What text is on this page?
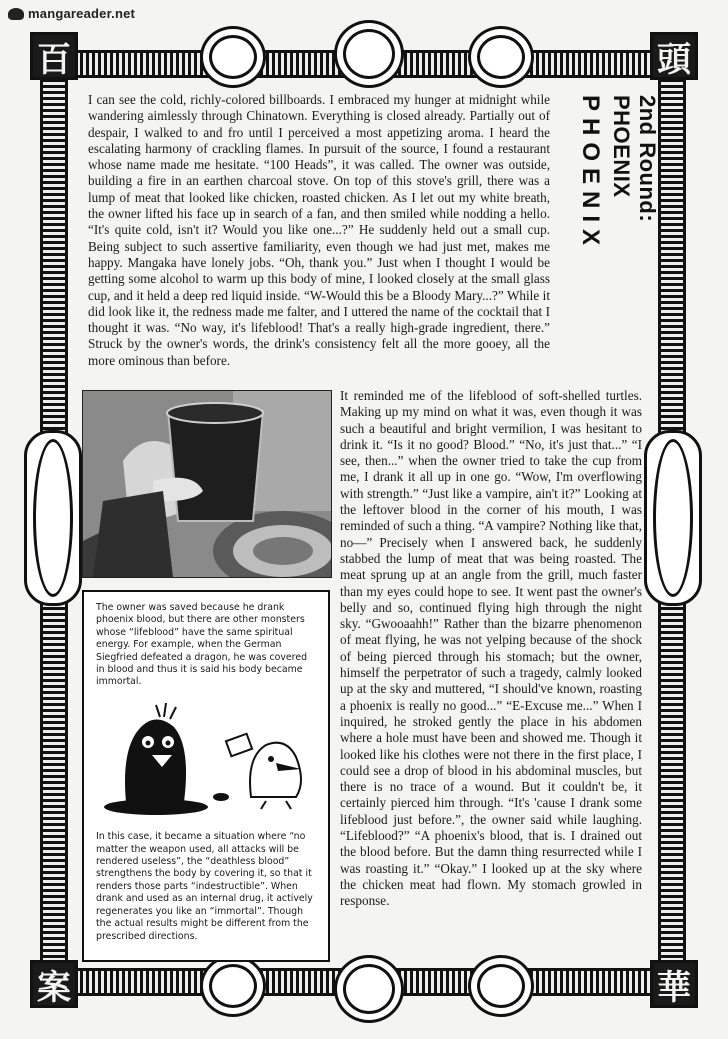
mangareader.net
百	頭
案	華
2nd Round: PHOENIX
PHOENIX

I can see the cold, richly-colored billboards. I embraced my hunger at midnight while wandering aimlessly through Chinatown. Everything is closed already. Partially out of despair, I walked to and fro until I perceived a most appetizing aroma. I heard the escalating harmony of crackling flames. In pursuit of the source, I found a restaurant whose name made me hesitate. “100 Heads”, it was called. The owner was outside, building a fire in an earthen charcoal stove. On top of this stove's grill, there was a lump of meat that looked like chicken, roasted chicken. As I let out my white breath, the owner lifted his face up in search of a fan, and then smiled while nodding a hello. “It's quite cold, isn't it? Would you like one...?” He suddenly held out a small cup. Being subject to such assertive familiarity, even though we had just met, makes me happy. Mangaka have lonely jobs. “Oh, thank you.” Just when I thought I would be getting some alcohol to warm up this body of mine, I looked closely at the small glass cup, and it held a deep red liquid inside. “W-Would this be a Bloody Mary...?” While it did look like it, the redness made me falter, and I uttered the name of the cocktail that I thought it was. “No way, it's lifeblood! That's a really high-grade ingredient, there.” Struck by the owner's words, the drink's consistency felt all the more gooey, all the more ominous than before.

The owner was saved because he drank phoenix blood, but there are other monsters whose “lifeblood” have the same spiritual energy. For example, when the German Siegfried defeated a dragon, he was covered in blood and thus it is said his body became immortal.

In this case, it became a situation where “no matter the weapon used, all attacks will be rendered useless”, the “deathless blood” strengthens the body by covering it, so that it renders those parts “indestructible”. When drank and used as an internal drug, it actively regenerates you like an “immortal”. Though the actual results might be different from the prescribed directions.

It reminded me of the lifeblood of soft-shelled turtles. Making up my mind on what it was, even though it was such a beautiful and bright vermilion, I was hesitant to drink it. “Is it no good? Blood.” “No, it's just that...” “I see, then...” when the owner tried to take the cup from me, I drank it all up in one go. “Wow, I'm overflowing with strength.” “Just like a vampire, ain't it?” Looking at the leftover blood in the corner of his mouth, I was reminded of such a thing. “A vampire? Nothing like that, no—” Precisely when I answered back, he suddenly stabbed the lump of meat that was being roasted. The meat sprung up at an angle from the grill, much faster than my eyes could hope to see. It went past the owner's belly and so, continued flying high through the night sky. “Gwooaahh!” Rather than the bizarre phenomenon of meat flying, he was not yelping because of the shock of being pierced through his stomach; but the owner, himself the perpetrator of such a tragedy, calmly looked up at the sky and muttered, “I should've known, roasting a phoenix is really no good...” “E-Excuse me...” When I inquired, he stroked gently the place in his abdomen where a hole must have been and showed me. Though it looked like his clothes were not there in the first place, I could see a drop of blood in his abdominal muscles, but there is no trace of a wound. But it couldn't be, it certainly pierced him through. “It's 'cause I drank some lifeblood just before.”, the owner said while laughing. “Lifeblood?” “A phoenix's blood, that is. I drained out the blood before. But the damn thing resurrected while I was roasting it.” “Okay.” I looked up at the sky where the chicken meat had flown. My stomach growled in response.
